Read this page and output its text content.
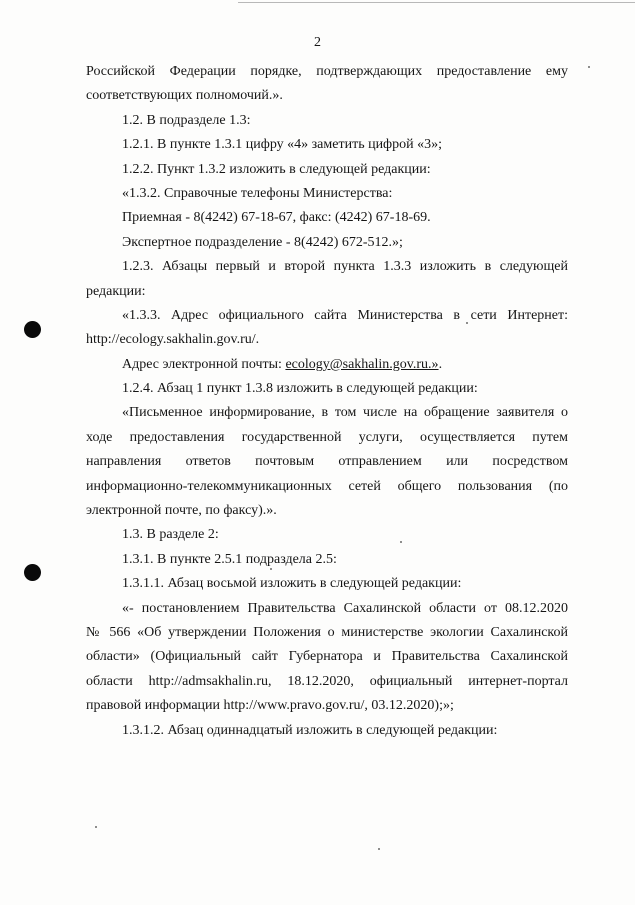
2
Российской Федерации порядке, подтверждающих предоставление ему
соответствующих полномочий.».
1.2. В подразделе 1.3:
1.2.1. В пункте 1.3.1 цифру «4» заметить цифрой «3»;
1.2.2. Пункт 1.3.2 изложить в следующей редакции:
«1.3.2. Справочные телефоны Министерства:
Приемная - 8(4242) 67-18-67, факс: (4242) 67-18-69.
Экспертное подразделение - 8(4242) 672-512.»;
1.2.3. Абзацы первый и второй пункта 1.3.3 изложить в следующей
редакции:
«1.3.3. Адрес официального сайта Министерства в сети Интернет:
http://ecology.sakhalin.gov.ru/.
Адрес электронной почты: ecology@sakhalin.gov.ru.».
1.2.4. Абзац 1 пункт 1.3.8 изложить в следующей редакции:
«Письменное информирование, в том числе на обращение заявителя о
ходе предоставления государственной услуги, осуществляется путем
направления ответов почтовым отправлением или посредством
информационно-телекоммуникационных сетей общего пользования (по
электронной почте, по факсу).».
1.3. В разделе 2:
1.3.1. В пункте 2.5.1 подраздела 2.5:
1.3.1.1. Абзац восьмой изложить в следующей редакции:
«- постановлением Правительства Сахалинской области от 08.12.2020
№ 566 «Об утверждении Положения о министерстве экологии Сахалинской
области» (Официальный сайт Губернатора и Правительства Сахалинской
области http://admsakhalin.ru, 18.12.2020, официальный интернет-портал
правовой информации http://www.pravo.gov.ru/, 03.12.2020);»;
1.3.1.2. Абзац одиннадцатый изложить в следующей редакции:
